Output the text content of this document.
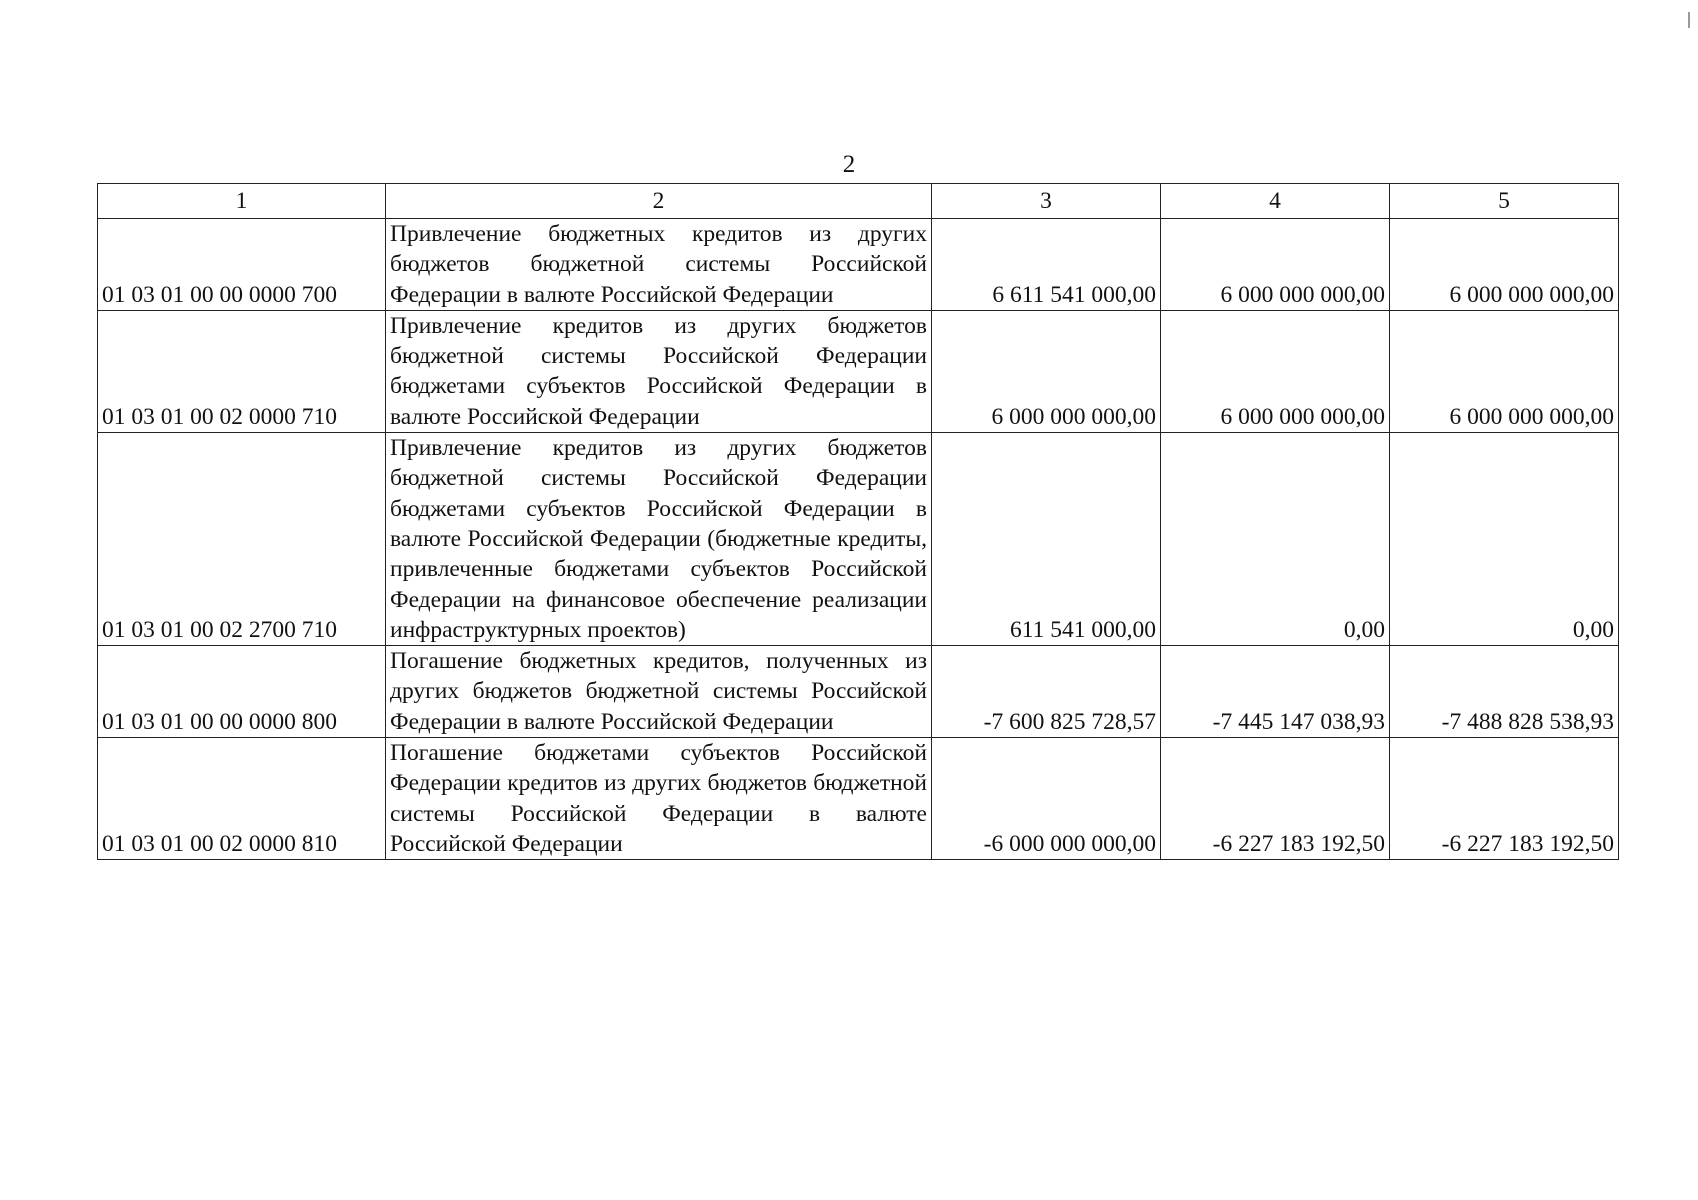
2
1	2	3	4	5
01 03 01 00 00 0000 700	Привлечение бюджетных кредитов из других бюджетов бюджетной системы Российской Федерации в валюте Российской Федерации	6 611 541 000,00	6 000 000 000,00	6 000 000 000,00
01 03 01 00 02 0000 710	Привлечение кредитов из других бюджетов бюджетной системы Российской Федерации бюджетами субъектов Российской Федерации в валюте Российской Федерации	6 000 000 000,00	6 000 000 000,00	6 000 000 000,00
01 03 01 00 02 2700 710	Привлечение кредитов из других бюджетов бюджетной системы Российской Федерации бюджетами субъектов Российской Федерации в валюте Российской Федерации (бюджетные кредиты, привлеченные бюджетами субъектов Российской Федерации на финансовое обеспечение реализации инфраструктурных проектов)	611 541 000,00	0,00	0,00
01 03 01 00 00 0000 800	Погашение бюджетных кредитов, полученных из других бюджетов бюджетной системы Российской Федерации в валюте Российской Федерации	-7 600 825 728,57	-7 445 147 038,93	-7 488 828 538,93
01 03 01 00 02 0000 810	Погашение бюджетами субъектов Российской Федерации кредитов из других бюджетов бюджетной системы Российской Федерации в валюте Российской Федерации	-6 000 000 000,00	-6 227 183 192,50	-6 227 183 192,50
